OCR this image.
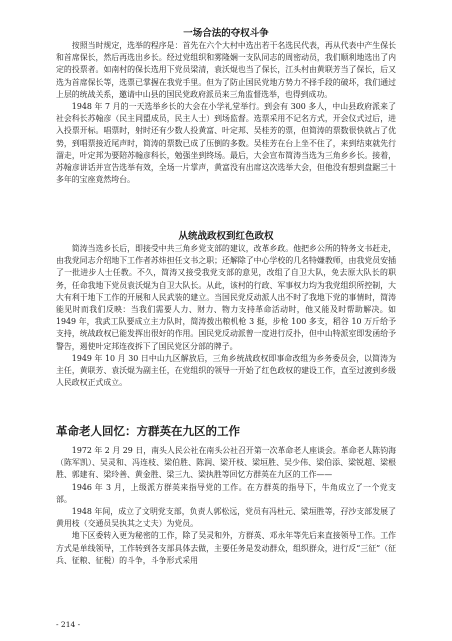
一场合法的夺权斗争

按照当时规定，选举的程序是：首先在六个大村中选出若干名选民代表，再从代表中产生保长和首席保长，然后再选出乡长。经过党组织和雾隆娴一支队同志的周密动员，我们顺利地选出了内定的投票者。如南村的保长选用下党员梁清，袁沃焜也当了保长，江头村由黄联芳当了保长，后又选为首席保长等，选票已掌握在我党手里。但为了防止国民党地方势力不择手段的破坏，我们通过上层的统战关系，邀请中山县的国民党政府派员来三角监督选举，也得到成功。

1948 年 7 月的一天选举乡长的大会在小学礼堂举行。到会有 300 多人，中山县政府派来了社会科长苏翰彦（民主同盟成员，民主人士）到场监督。选票采用不记名方式，开会仪式过后，进入投票开标。唱票时，射时还有少数人投黄富、叶定邦、吴桂芳的票，但简涛的票数很快就占了优势，到唱票接近尾声时，简涛的票数已成了压倒的多数。吴桂芳在台上坐不住了，来到结束就先行溜走，叶定邦为要陪苏翰彦科长，勉强坐到终场。最后，大会宣布简涛当选为三角乡乡长。接着，苏翰彦讲话并宣告选举有效，全场一片掌声，黄富没有出席这次选举大会，但他没有想到盘踞三十多年的宝座竟然垮台。

从统战政权到红色政权

简涛当选乡长后，即接受中共三角乡党支部的建议，改革乡政。他把乡公所的特务文书赶走，由我党同志介绍地下工作者苏炜担任文书之职；还解除了中心学校的几名特嫌教师，由我党员安插了一批进步人士任教。不久，简涛又接受我党支部的意见，改组了自卫大队，免去原大队长的职务，任命我地下党员袁沃焜为自卫大队长。从此，该村的行政、军事权力均为我党组织所控制，大大有利于地下工作的开展和人民武装的建立。当国民党反动派人出不时了我地下党的事情时，简涛能见时而我们反映：当我们需要人力、财力、物力支持革命活动时，他又能及时帮助解决。如1949 年，我武工队要成立主力队时，简涛拨出粮机枪 3 挺，步枪 100 多支，稻谷 10 万斤给予支持，统战政权已能发挥出很好的作用。国民党反动派曾一度进行反扑，但中山特派室即发函给予警告，遏使叶定邦连夜拆下了国民党区分部的牌子。

1949 年 10 月 30 日中山九区解放后，三角乡统战政权即事命改组为乡务委员会，以简涛为主任，黄联芳、袁沃焜为副主任，在党组织的领导一开始了红色政权的建设工作，直至过渡到乡级人民政权正式成立。

革命老人回忆：方群英在九区的工作

1972 年 2 月 29 日，南头人民公社在南头公社召开第一次革命老人座谈会。革命老人陈钧海（陈军凯）、吴灵和、冯连枝、梁伯胜、陈润、梁开枝、梁垣胜、吴少伟、梁伯添、梁锐超、梁根胜、郭建有、梁玲善、黄金胜、梁三九、梁执胜等回忆方群英在九区的工作——

1946 年 3 月，上级派方群英来指导党的工作。在方群英的指导下，牛角成立了一个党支部。

1948 年间，成立了文明党支部，负责人郭松远，党员有冯杜元、梁垣胜等，孖沙支部发展了黄用枝（交通员吴执其之丈夫）为党员。

地下区委转入更为秘密的工作，除了吴灵和外，方群英、邓永年等先后来直接领导工作。工作方式是单线领导，工作转到各支部具体去做，主要任务是发动群众，组织群众，进行反“三征”（征兵、征粮、征税）的斗争，斗争形式采用

- 214 -
